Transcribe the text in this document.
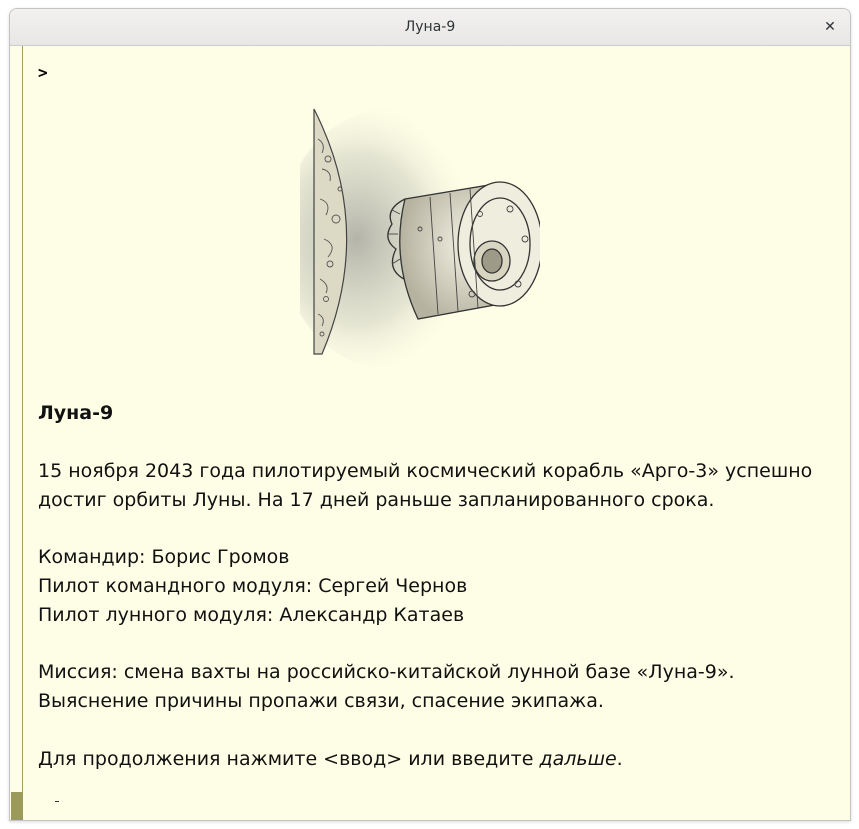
Луна-9	✕
>
Луна-9
15 ноября 2043 года пилотируемый космический корабль «Арго-3» успешно
достиг орбиты Луны. На 17 дней раньше запланированного срока.
Командир: Борис Громов
Пилот командного модуля: Сергей Чернов
Пилот лунного модуля: Александр Катаев
Миссия: смена вахты на российско-китайской лунной базе «Луна-9».
Выяснение причины пропажи связи, спасение экипажа.
Для продолжения нажмите <ввод> или введите дальше.
